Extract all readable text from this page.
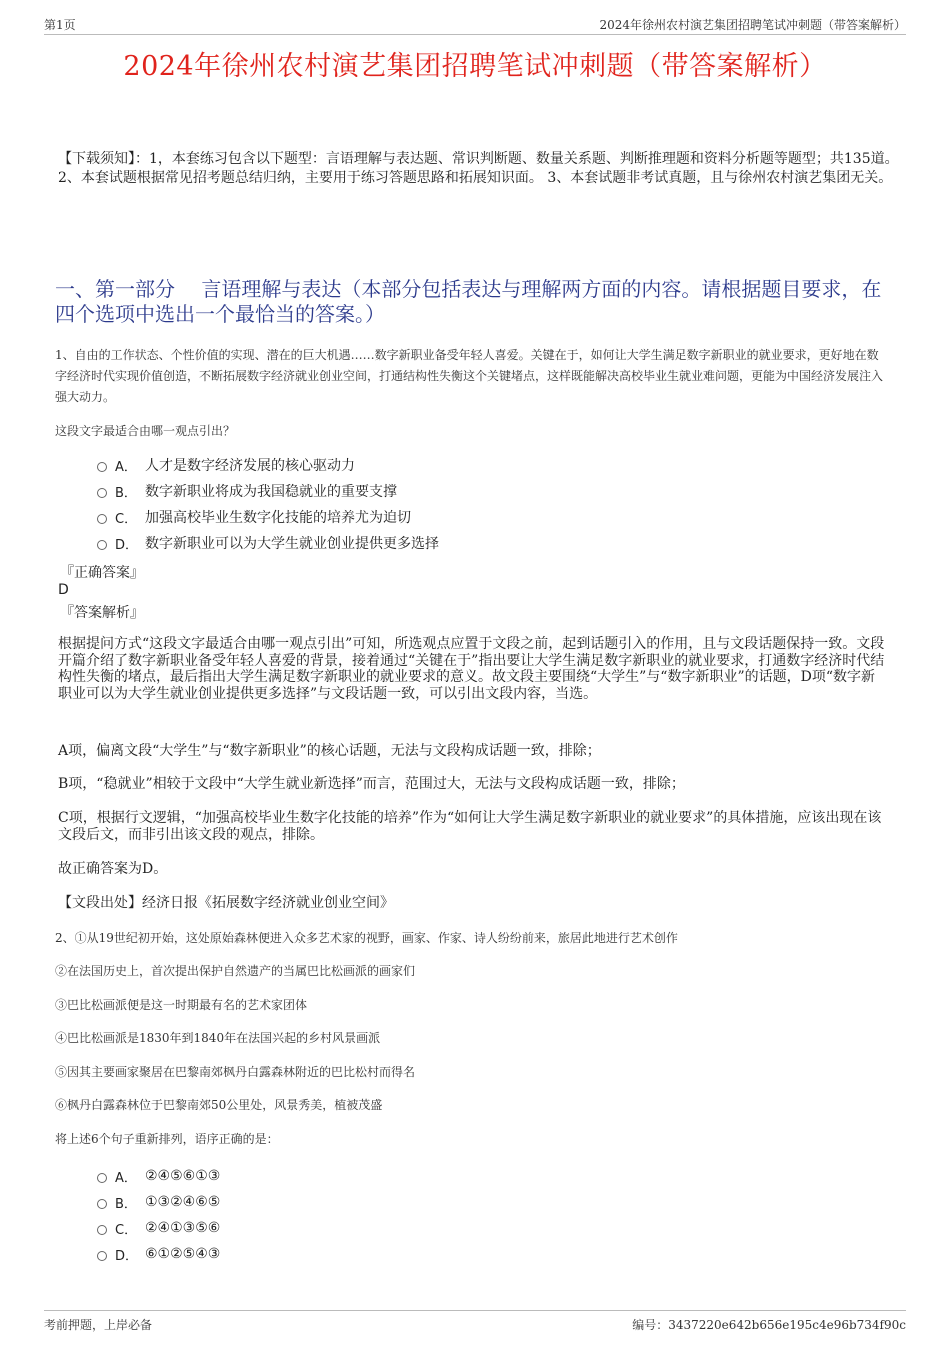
第1页	2024年徐州农村演艺集团招聘笔试冲刺题（带答案解析）
2024年徐州农村演艺集团招聘笔试冲刺题（带答案解析）
【下载须知】：1，本套练习包含以下题型：言语理解与表达题、常识判断题、数量关系题、判断推理题和资料分析题等题型；共135道。 2、本套试题根据常见招考题总结归纳，主要用于练习答题思路和拓展知识面。 3、本套试题非考试真题，且与徐州农村演艺集团无关。
一、第一部分　 言语理解与表达（本部分包括表达与理解两方面的内容。请根据题目要求，在四个选项中选出一个最恰当的答案。）
1、自由的工作状态、个性价值的实现、潜在的巨大机遇……数字新职业备受年轻人喜爱。关键在于，如何让大学生满足数字新职业的就业要求，更好地在数字经济时代实现价值创造，不断拓展数字经济就业创业空间，打通结构性失衡这个关键堵点，这样既能解决高校毕业生就业难问题，更能为中国经济发展注入强大动力。
这段文字最适合由哪一观点引出？
A． 人才是数字经济发展的核心驱动力
B． 数字新职业将成为我国稳就业的重要支撑
C． 加强高校毕业生数字化技能的培养尤为迫切
D． 数字新职业可以为大学生就业创业提供更多选择
『正确答案』
D
『答案解析』
根据提问方式“这段文字最适合由哪一观点引出”可知，所选观点应置于文段之前，起到话题引入的作用，且与文段话题保持一致。文段开篇介绍了数字新职业备受年轻人喜爱的背景，接着通过“关键在于”指出要让大学生满足数字新职业的就业要求，打通数字经济时代结构性失衡的堵点，最后指出大学生满足数字新职业的就业要求的意义。故文段主要围绕“大学生”与“数字新职业”的话题，D项“数字新职业可以为大学生就业创业提供更多选择”与文段话题一致，可以引出文段内容，当选。
A项，偏离文段“大学生”与“数字新职业”的核心话题，无法与文段构成话题一致，排除；
B项，“稳就业”相较于文段中“大学生就业新选择”而言，范围过大，无法与文段构成话题一致，排除；
C项，根据行文逻辑，“加强高校毕业生数字化技能的培养”作为“如何让大学生满足数字新职业的就业要求”的具体措施，应该出现在该文段后文，而非引出该文段的观点，排除。
故正确答案为D。
【文段出处】经济日报《拓展数字经济就业创业空间》
2、①从19世纪初开始，这处原始森林便进入众多艺术家的视野，画家、作家、诗人纷纷前来，旅居此地进行艺术创作
②在法国历史上，首次提出保护自然遗产的当属巴比松画派的画家们
③巴比松画派便是这一时期最有名的艺术家团体
④巴比松画派是1830年到1840年在法国兴起的乡村风景画派
⑤因其主要画家聚居在巴黎南郊枫丹白露森林附近的巴比松村而得名
⑥枫丹白露森林位于巴黎南郊50公里处，风景秀美，植被茂盛
将上述6个句子重新排列，语序正确的是：
A． ②④⑤⑥①③
B． ①③②④⑥⑤
C． ②④①③⑤⑥
D． ⑥①②⑤④③
考前押题，上岸必备	编号：3437220e642b656e195c4e96b734f90c
